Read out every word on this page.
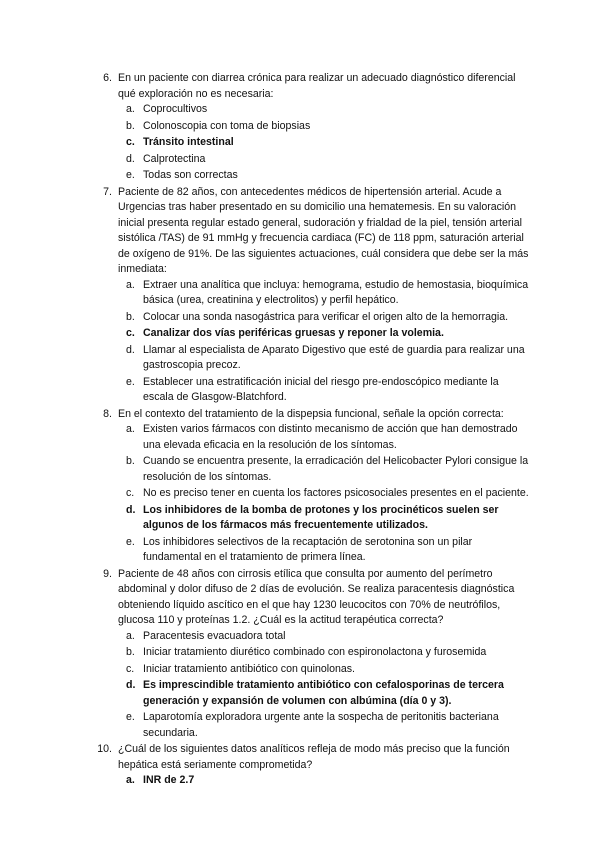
6. En un paciente con diarrea crónica para realizar un adecuado diagnóstico diferencial qué exploración no es necesaria:
a. Coprocultivos
b. Colonoscopia con toma de biopsias
c. Tránsito intestinal
d. Calprotectina
e. Todas son correctas
7. Paciente de 82 años, con antecedentes médicos de hipertensión arterial. Acude a Urgencias tras haber presentado en su domicilio una hematemesis. En su valoración inicial presenta regular estado general, sudoración y frialdad de la piel, tensión arterial sistólica /TAS) de 91 mmHg y frecuencia cardiaca (FC) de 118 ppm, saturación arterial de oxígeno de 91%. De las siguientes actuaciones, cuál considera que debe ser la más inmediata:
a. Extraer una analítica que incluya: hemograma, estudio de hemostasia, bioquímica básica (urea, creatinina y electrolitos) y perfil hepático.
b. Colocar una sonda nasogástrica para verificar el origen alto de la hemorragia.
c. Canalizar dos vías periféricas gruesas y reponer la volemia.
d. Llamar al especialista de Aparato Digestivo que esté de guardia para realizar una gastroscopia precoz.
e. Establecer una estratificación inicial del riesgo pre-endoscópico mediante la escala de Glasgow-Blatchford.
8. En el contexto del tratamiento de la dispepsia funcional, señale la opción correcta:
a. Existen varios fármacos con distinto mecanismo de acción que han demostrado una elevada eficacia en la resolución de los síntomas.
b. Cuando se encuentra presente, la erradicación del Helicobacter Pylori consigue la resolución de los síntomas.
c. No es preciso tener en cuenta los factores psicosociales presentes en el paciente.
d. Los inhibidores de la bomba de protones y los procinéticos suelen ser algunos de los fármacos más frecuentemente utilizados.
e. Los inhibidores selectivos de la recaptación de serotonina son un pilar fundamental en el tratamiento de primera línea.
9. Paciente de 48 años con cirrosis etílica que consulta por aumento del perímetro abdominal y dolor difuso de 2 días de evolución. Se realiza paracentesis diagnóstica obteniendo líquido ascítico en el que hay 1230 leucocitos con 70% de neutrófilos, glucosa 110 y proteínas 1.2. ¿Cuál es la actitud terapéutica correcta?
a. Paracentesis evacuadora total
b. Iniciar tratamiento diurético combinado con espironolactona y furosemida
c. Iniciar tratamiento antibiótico con quinolonas.
d. Es imprescindible tratamiento antibiótico con cefalosporinas de tercera generación y expansión de volumen con albúmina (día 0 y 3).
e. Laparotomía exploradora urgente ante la sospecha de peritonitis bacteriana secundaria.
10. ¿Cuál de los siguientes datos analíticos refleja de modo más preciso que la función hepática está seriamente comprometida?
a. INR de 2.7
